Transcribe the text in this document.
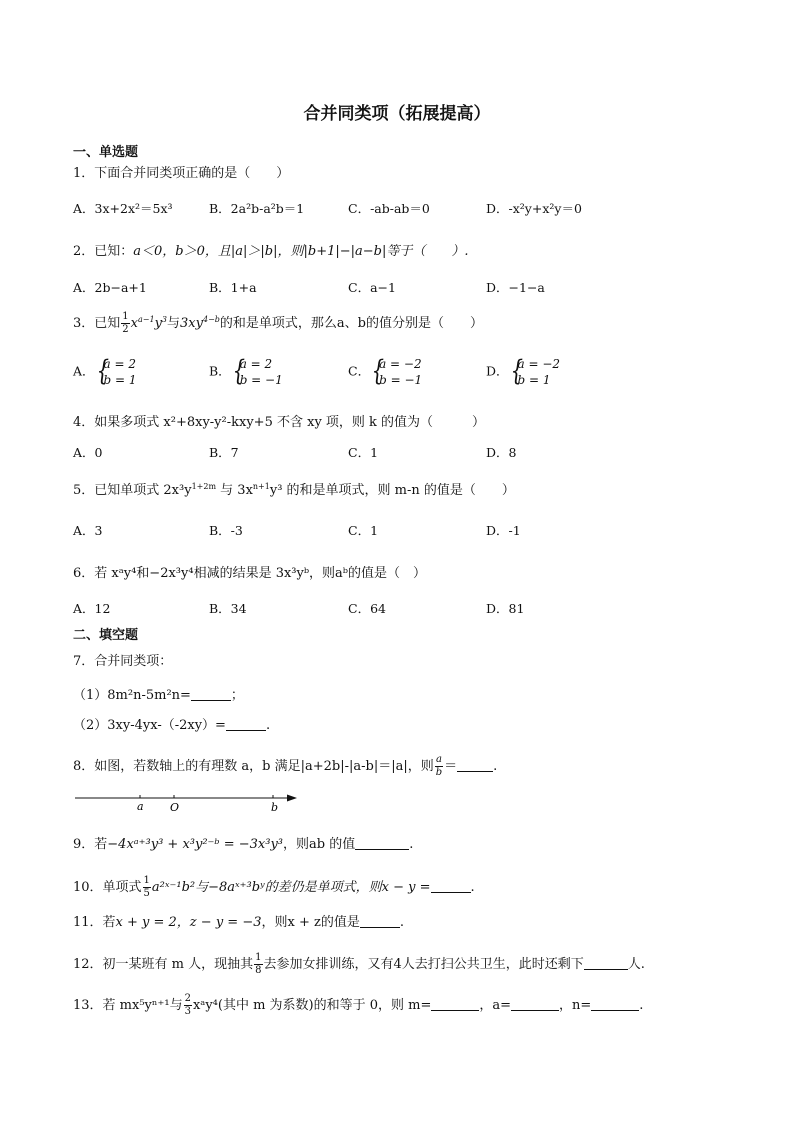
合并同类项（拓展提高）
一、单选题
1．下面合并同类项正确的是（　　）
A．3x+2x²＝5x³	B．2a²b-a²b＝1	C．-ab-ab＝0	D．-x²y+x²y＝0
2．已知：a＜0，b＞0，且|a|＞|b|，则|b+1|−|a−b|等于（　　）.
A．2b−a+1	B．1+a	C．a−1	D．−1−a
3．已知 $\frac{1}{2} x^{a-1}y^3$与$3xy^{4-b}$的和是单项式，那么a、b的值分别是（　　）
A． { a = 2
b = 1
B． { a = 2
b = −1
C． { a = −2
b = −1
D． { a = −2
b = 1
4．如果多项式 x²+8xy-y²-kxy+5 不含 xy 项，则 k 的值为（　　　）
A．0	B．7	C．1	D．8
5．已知单项式 $2x^3y^{1+2m}$ 与 $3x^{n+1}y^3$ 的和是单项式，则 m-n 的值是（　　）
A．3	B．-3	C．1	D．-1
6．若 xᵃy⁴和−2x³y⁴相减的结果是 3x³yᵇ，则aᵇ的值是（　）
A．12	B．34	C．64	D．81
二、填空题
7．合并同类项：
（1）8m²n-5m²n=	；
（2）3xy-4yx-（-2xy）=	.
8．如图，若数轴上的有理数 a，b 满足|a+2b|-|a-b|＝|a|，则 $\frac{a}{b}$ ＝	.
a O	b
9．若−4xᵃ⁺³y³ + x³y²⁻ᵇ = −3x³y³，则ab 的值	.
10．单项式 $\frac{1}{5}$ a²ˣ⁻¹b²与−8aˣ⁺³bʸ的差仍是单项式，则x − y =	.
11．若x + y = 2，z − y = −3，则x + z的值是	.
12．初一某班有 m 人，现抽其 $\frac{1}{8}$ 去参加女排训练，又有4人去打扫公共卫生，此时还剩下	人.
13．若 mx⁵yⁿ⁺¹与 $\frac{2}{3}$ xᵃy⁴(其中 m 为系数)的和等于 0，则 m=	，a=	，n=	.
